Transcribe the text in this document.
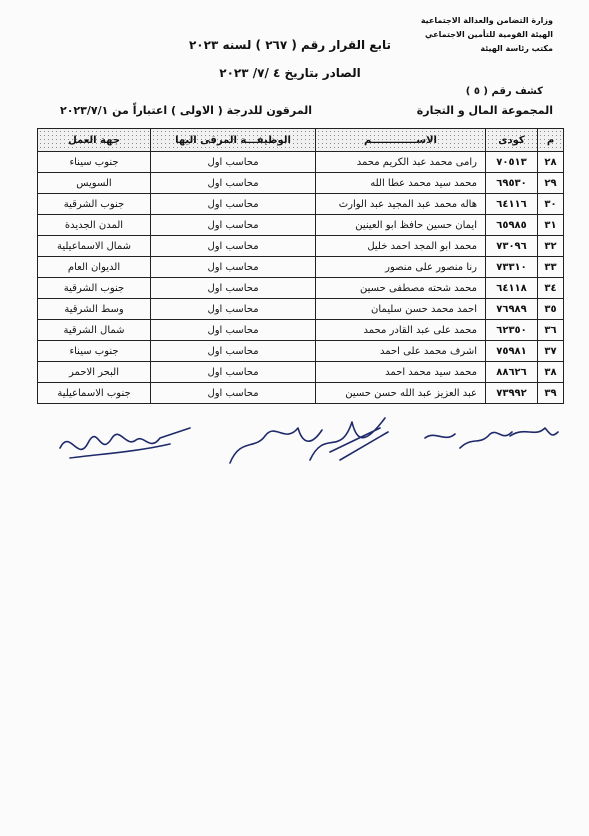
وزارة التضامن والعدالة الاجتماعية
الهيئة القومية للتأمين الاجتماعي
مكتب رئاسة الهيئة
تابع القرار رقم ( ٢٦٧ ) لسنه ٢٠٢٣
الصادر بتاريخ ٤ /٧/ ٢٠٢٣
كشف رقم ( ٥ )
المجموعة المال و التجارة
المرقون للدرجة ( الاولى ) اعتباراً من ٢٠٢٣/٧/١
م	كودى	الاســـــــــــــم	الوظيفـــة المرقى اليها	جهة العمل
٢٨	٧٠٥١٣	رامى محمد عبد الكريم محمد	محاسب اول	جنوب سيناء
٢٩	٦٩٥٣٠	محمد سيد محمد عطا الله	محاسب اول	السويس
٣٠	٦٤١١٦	هاله محمد عبد المجيد عبد الوارث	محاسب اول	جنوب الشرقية
٣١	٦٥٩٨٥	ايمان حسين حافظ ابو العينين	محاسب اول	المدن الجديدة
٣٢	٧٣٠٩٦	محمد ابو المجد احمد خليل	محاسب اول	شمال الاسماعيلية
٣٣	٧٣٣١٠	رنا منصور على منصور	محاسب اول	الديوان العام
٣٤	٦٤١١٨	محمد شحته مصطفى حسين	محاسب اول	جنوب الشرقية
٣٥	٧٦٩٨٩	احمد محمد حسن سليمان	محاسب اول	وسط الشرقية
٣٦	٦٢٣٥٠	محمد على عبد القادر محمد	محاسب اول	شمال الشرقية
٣٧	٧٥٩٨١	اشرف محمد على احمد	محاسب اول	جنوب سيناء
٣٨	٨٨٦٢٦	محمد سيد محمد احمد	محاسب اول	البحر الاحمر
٣٩	٧٣٩٩٢	عبد العزيز عبد الله حسن حسين	محاسب اول	جنوب الاسماعيلية
